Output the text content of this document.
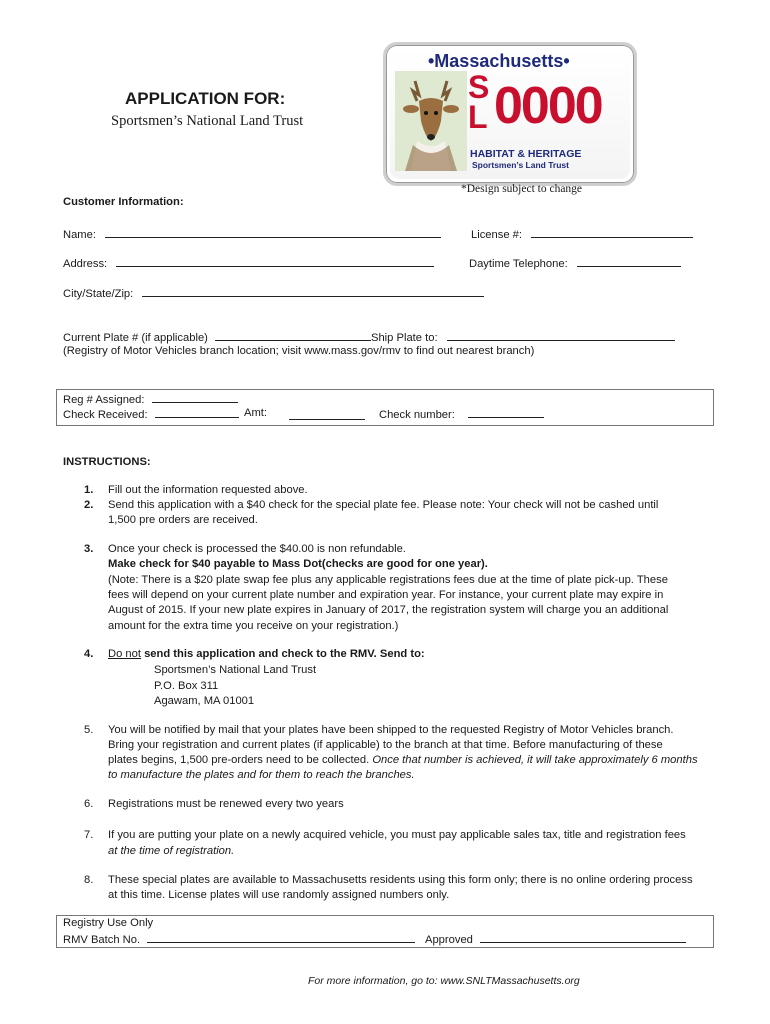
APPLICATION FOR:
Sportsmen’s National Land Trust
•Massachusetts•
S
L 0000
HABITAT & HERITAGE
Sportsmen’s Land Trust
*Design subject to change
Customer Information:
Name:	License #:
Address:	Daytime Telephone:
City/State/Zip:
Current Plate # (if applicable)	Ship Plate to:
(Registry of Motor Vehicles branch location; visit www.mass.gov/rmv to find out nearest branch)
Reg # Assigned:
Check Received:	Amt:	Check number:
INSTRUCTIONS:
1. Fill out the information requested above.
2. Send this application with a $40 check for the special plate fee. Please note: Your check will not be cashed until
1,500 pre orders are received.
3. Once your check is processed the $40.00 is non refundable.
Make check for $40 payable to Mass Dot(checks are good for one year).
(Note: There is a $20 plate swap fee plus any applicable registrations fees due at the time of plate pick-up. These
fees will depend on your current plate number and expiration year. For instance, your current plate may expire in
August of 2015. If your new plate expires in January of 2017, the registration system will charge you an additional
amount for the extra time you receive on your registration.)
4. Do not send this application and check to the RMV. Send to:
Sportsmen’s National Land Trust
P.O. Box 311
Agawam, MA 01001
5. You will be notified by mail that your plates have been shipped to the requested Registry of Motor Vehicles branch.
Bring your registration and current plates (if applicable) to the branch at that time. Before manufacturing of these
plates begins, 1,500 pre-orders need to be collected. Once that number is achieved, it will take approximately 6 months
to manufacture the plates and for them to reach the branches.
6. Registrations must be renewed every two years
7. If you are putting your plate on a newly acquired vehicle, you must pay applicable sales tax, title and registration fees
at the time of registration.
8. These special plates are available to Massachusetts residents using this form only; there is no online ordering process
at this time. License plates will use randomly assigned numbers only.
Registry Use Only
RMV Batch No.	Approved
For more information, go to: www.SNLTMassachusetts.org
